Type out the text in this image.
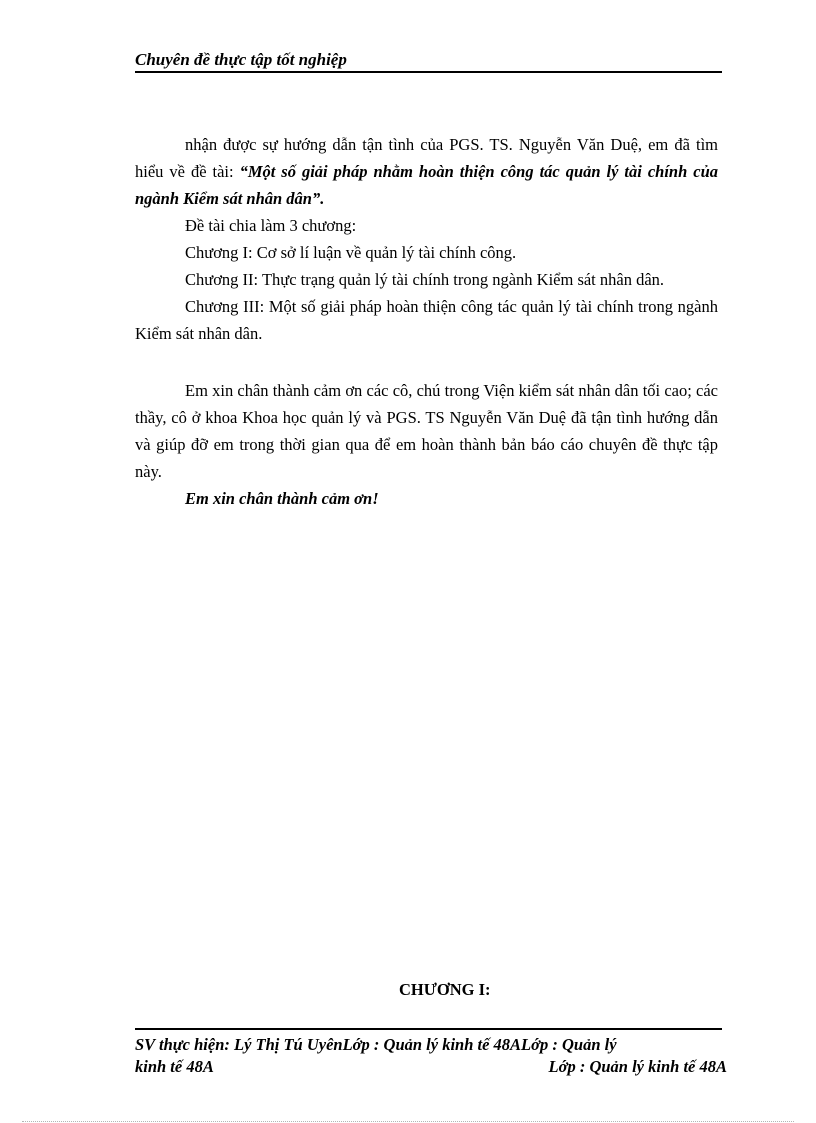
Chuyên đề thực tập tốt nghiệp

nhận được sự hướng dẫn tận tình của PGS. TS. Nguyễn Văn Duệ, em đã tìm hiểu về đề tài: “Một số giải pháp nhằm hoàn thiện công tác quản lý tài chính của ngành Kiểm sát nhân dân”.

Đề tài chia làm 3 chương:

Chương I: Cơ sở lí luận về quản lý tài chính công.

Chương II: Thực trạng quản lý tài chính trong ngành Kiểm sát nhân dân.

Chương III: Một số giải pháp hoàn thiện công tác quản lý tài chính trong ngành Kiểm sát nhân dân.

Em xin chân thành cảm ơn các cô, chú trong Viện kiểm sát nhân dân tối cao; các thầy, cô ở khoa Khoa học quản lý và PGS. TS Nguyễn Văn Duệ đã tận tình hướng dẫn và giúp đỡ em trong thời gian qua để em hoàn thành bản báo cáo chuyên đề thực tập này.

Em xin chân thành cảm ơn!

CHƯƠNG I:
SV thực hiện: Lý Thị Tú UyênLớp : Quản lý kinh tế 48ALớp : Quản lý
kinh tế 48A	Lớp : Quản lý kinh tế 48A
